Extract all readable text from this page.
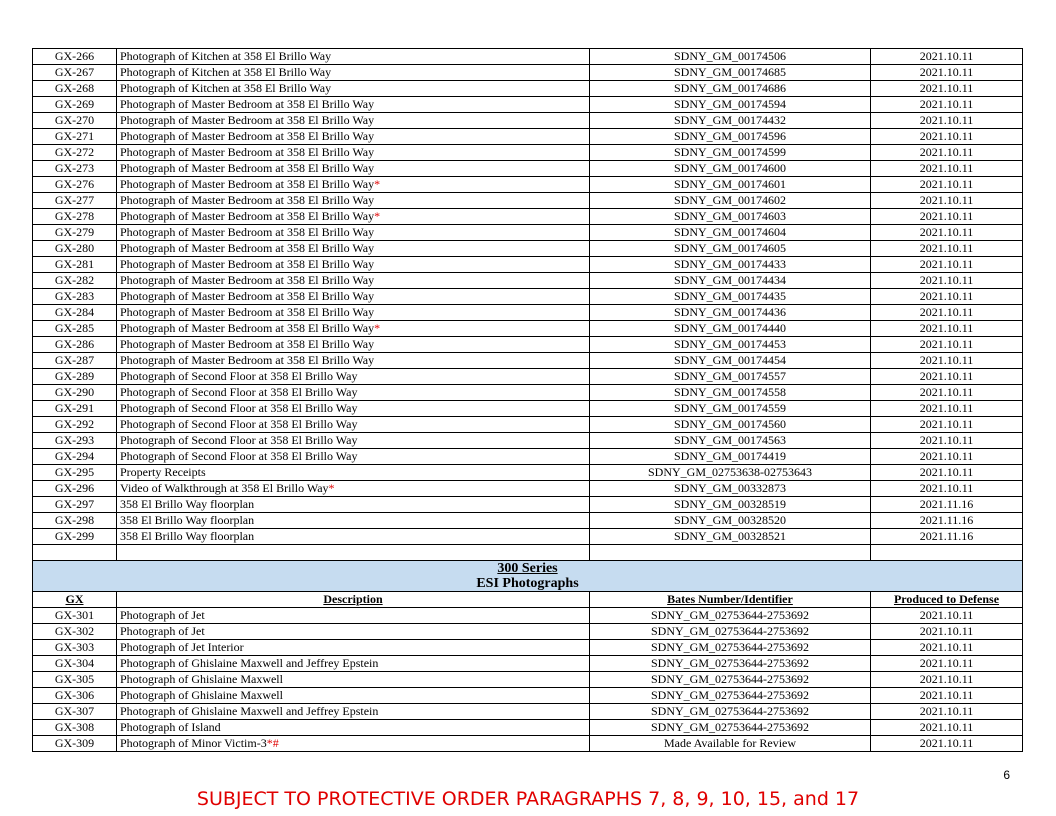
GX-266	Photograph of Kitchen at 358 El Brillo Way	SDNY_GM_00174506	2021.10.11
GX-267	Photograph of Kitchen at 358 El Brillo Way	SDNY_GM_00174685	2021.10.11
GX-268	Photograph of Kitchen at 358 El Brillo Way	SDNY_GM_00174686	2021.10.11
GX-269	Photograph of Master Bedroom at 358 El Brillo Way	SDNY_GM_00174594	2021.10.11
GX-270	Photograph of Master Bedroom at 358 El Brillo Way	SDNY_GM_00174432	2021.10.11
GX-271	Photograph of Master Bedroom at 358 El Brillo Way	SDNY_GM_00174596	2021.10.11
GX-272	Photograph of Master Bedroom at 358 El Brillo Way	SDNY_GM_00174599	2021.10.11
GX-273	Photograph of Master Bedroom at 358 El Brillo Way	SDNY_GM_00174600	2021.10.11
GX-276	Photograph of Master Bedroom at 358 El Brillo Way*	SDNY_GM_00174601	2021.10.11
GX-277	Photograph of Master Bedroom at 358 El Brillo Way	SDNY_GM_00174602	2021.10.11
GX-278	Photograph of Master Bedroom at 358 El Brillo Way*	SDNY_GM_00174603	2021.10.11
GX-279	Photograph of Master Bedroom at 358 El Brillo Way	SDNY_GM_00174604	2021.10.11
GX-280	Photograph of Master Bedroom at 358 El Brillo Way	SDNY_GM_00174605	2021.10.11
GX-281	Photograph of Master Bedroom at 358 El Brillo Way	SDNY_GM_00174433	2021.10.11
GX-282	Photograph of Master Bedroom at 358 El Brillo Way	SDNY_GM_00174434	2021.10.11
GX-283	Photograph of Master Bedroom at 358 El Brillo Way	SDNY_GM_00174435	2021.10.11
GX-284	Photograph of Master Bedroom at 358 El Brillo Way	SDNY_GM_00174436	2021.10.11
GX-285	Photograph of Master Bedroom at 358 El Brillo Way*	SDNY_GM_00174440	2021.10.11
GX-286	Photograph of Master Bedroom at 358 El Brillo Way	SDNY_GM_00174453	2021.10.11
GX-287	Photograph of Master Bedroom at 358 El Brillo Way	SDNY_GM_00174454	2021.10.11
GX-289	Photograph of Second Floor at 358 El Brillo Way	SDNY_GM_00174557	2021.10.11
GX-290	Photograph of Second Floor at 358 El Brillo Way	SDNY_GM_00174558	2021.10.11
GX-291	Photograph of Second Floor at 358 El Brillo Way	SDNY_GM_00174559	2021.10.11
GX-292	Photograph of Second Floor at 358 El Brillo Way	SDNY_GM_00174560	2021.10.11
GX-293	Photograph of Second Floor at 358 El Brillo Way	SDNY_GM_00174563	2021.10.11
GX-294	Photograph of Second Floor at 358 El Brillo Way	SDNY_GM_00174419	2021.10.11
GX-295	Property Receipts	SDNY_GM_02753638-02753643	2021.10.11
GX-296	Video of Walkthrough at 358 El Brillo Way*	SDNY_GM_00332873	2021.10.11
GX-297	358 El Brillo Way floorplan	SDNY_GM_00328519	2021.11.16
GX-298	358 El Brillo Way floorplan	SDNY_GM_00328520	2021.11.16
GX-299	358 El Brillo Way floorplan	SDNY_GM_00328521	2021.11.16

300 Series
ESI Photographs			

GX	Description	Bates Number/Identifier	Produced to Defense
GX-301	Photograph of Jet	SDNY_GM_02753644-2753692	2021.10.11
GX-302	Photograph of Jet	SDNY_GM_02753644-2753692	2021.10.11
GX-303	Photograph of Jet Interior	SDNY_GM_02753644-2753692	2021.10.11
GX-304	Photograph of Ghislaine Maxwell and Jeffrey Epstein	SDNY_GM_02753644-2753692	2021.10.11
GX-305	Photograph of Ghislaine Maxwell	SDNY_GM_02753644-2753692	2021.10.11
GX-306	Photograph of Ghislaine Maxwell	SDNY_GM_02753644-2753692	2021.10.11
GX-307	Photograph of Ghislaine Maxwell and Jeffrey Epstein	SDNY_GM_02753644-2753692	2021.10.11
GX-308	Photograph of Island	SDNY_GM_02753644-2753692	2021.10.11
GX-309	Photograph of Minor Victim-3*#	Made Available for Review	2021.10.11
6
SUBJECT TO PROTECTIVE ORDER PARAGRAPHS 7, 8, 9, 10, 15, and 17
